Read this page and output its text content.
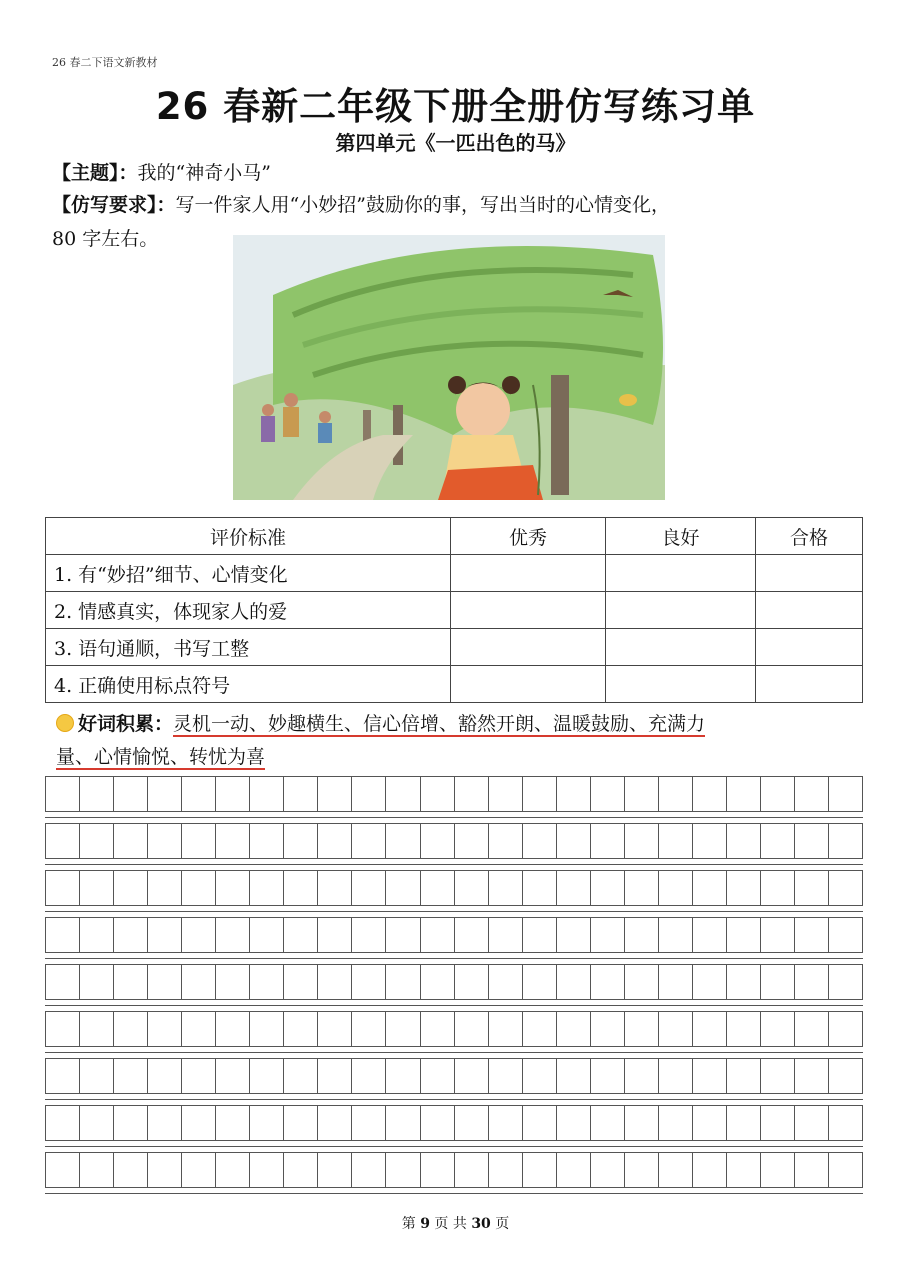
26 春二下语文新教材
26 春新二年级下册全册仿写练习单
第四单元《一匹出色的马》
【主题】：我的“神奇小马”
【仿写要求】：写一件家人用“小妙招”鼓励你的事，写出当时的心情变化，
80 字左右。
评价标准	优秀	良好	合格
1. 有“妙招”细节、心情变化			
2. 情感真实，体现家人的爱			
3. 语句通顺，书写工整			
4. 正确使用标点符号			
好词积累：灵机一动、妙趣横生、信心倍增、豁然开朗、温暖鼓励、充满力
量、心情愉悦、转忧为喜
第 9 页 共 30 页
